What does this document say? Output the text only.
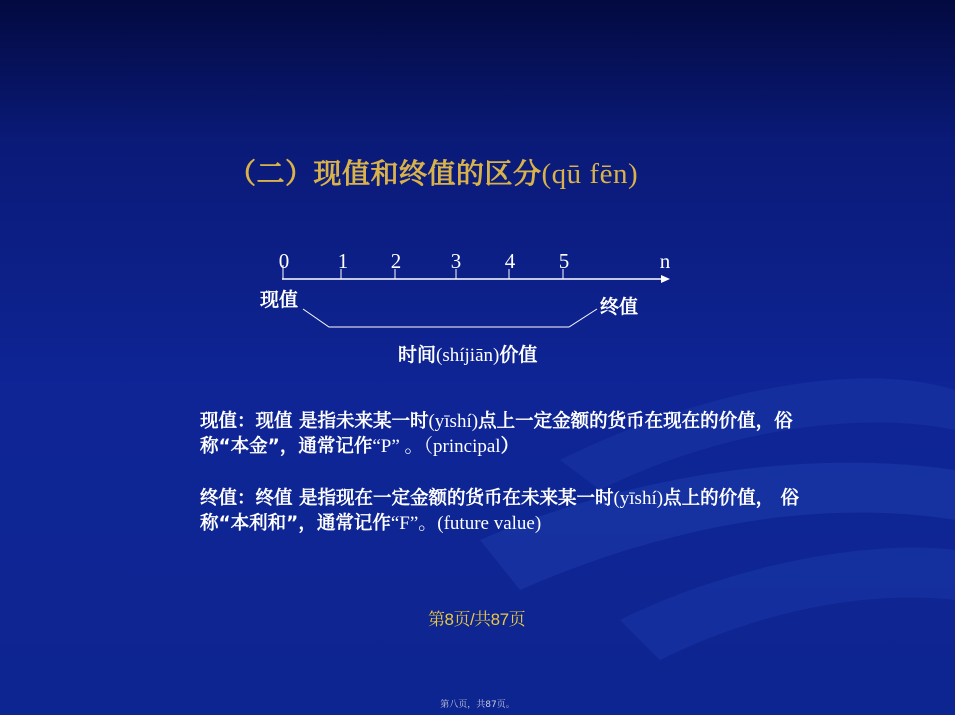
（二）现值和终值的区分(qū fēn)
0 1 2 3 4 5	n
现值	终值
时间(shíjiān)价值
现值：现值 是指未来某一时(yīshí)点上一定金额的货币在现在的价值，俗称“本金”，通常记作“P” 。（principal）
终值：终值 是指现在一定金额的货币在未来某一时(yīshí)点上的价值， 俗称“本利和”，通常记作“F”。(future value)
第8页/共87页
第八页，共87页。
